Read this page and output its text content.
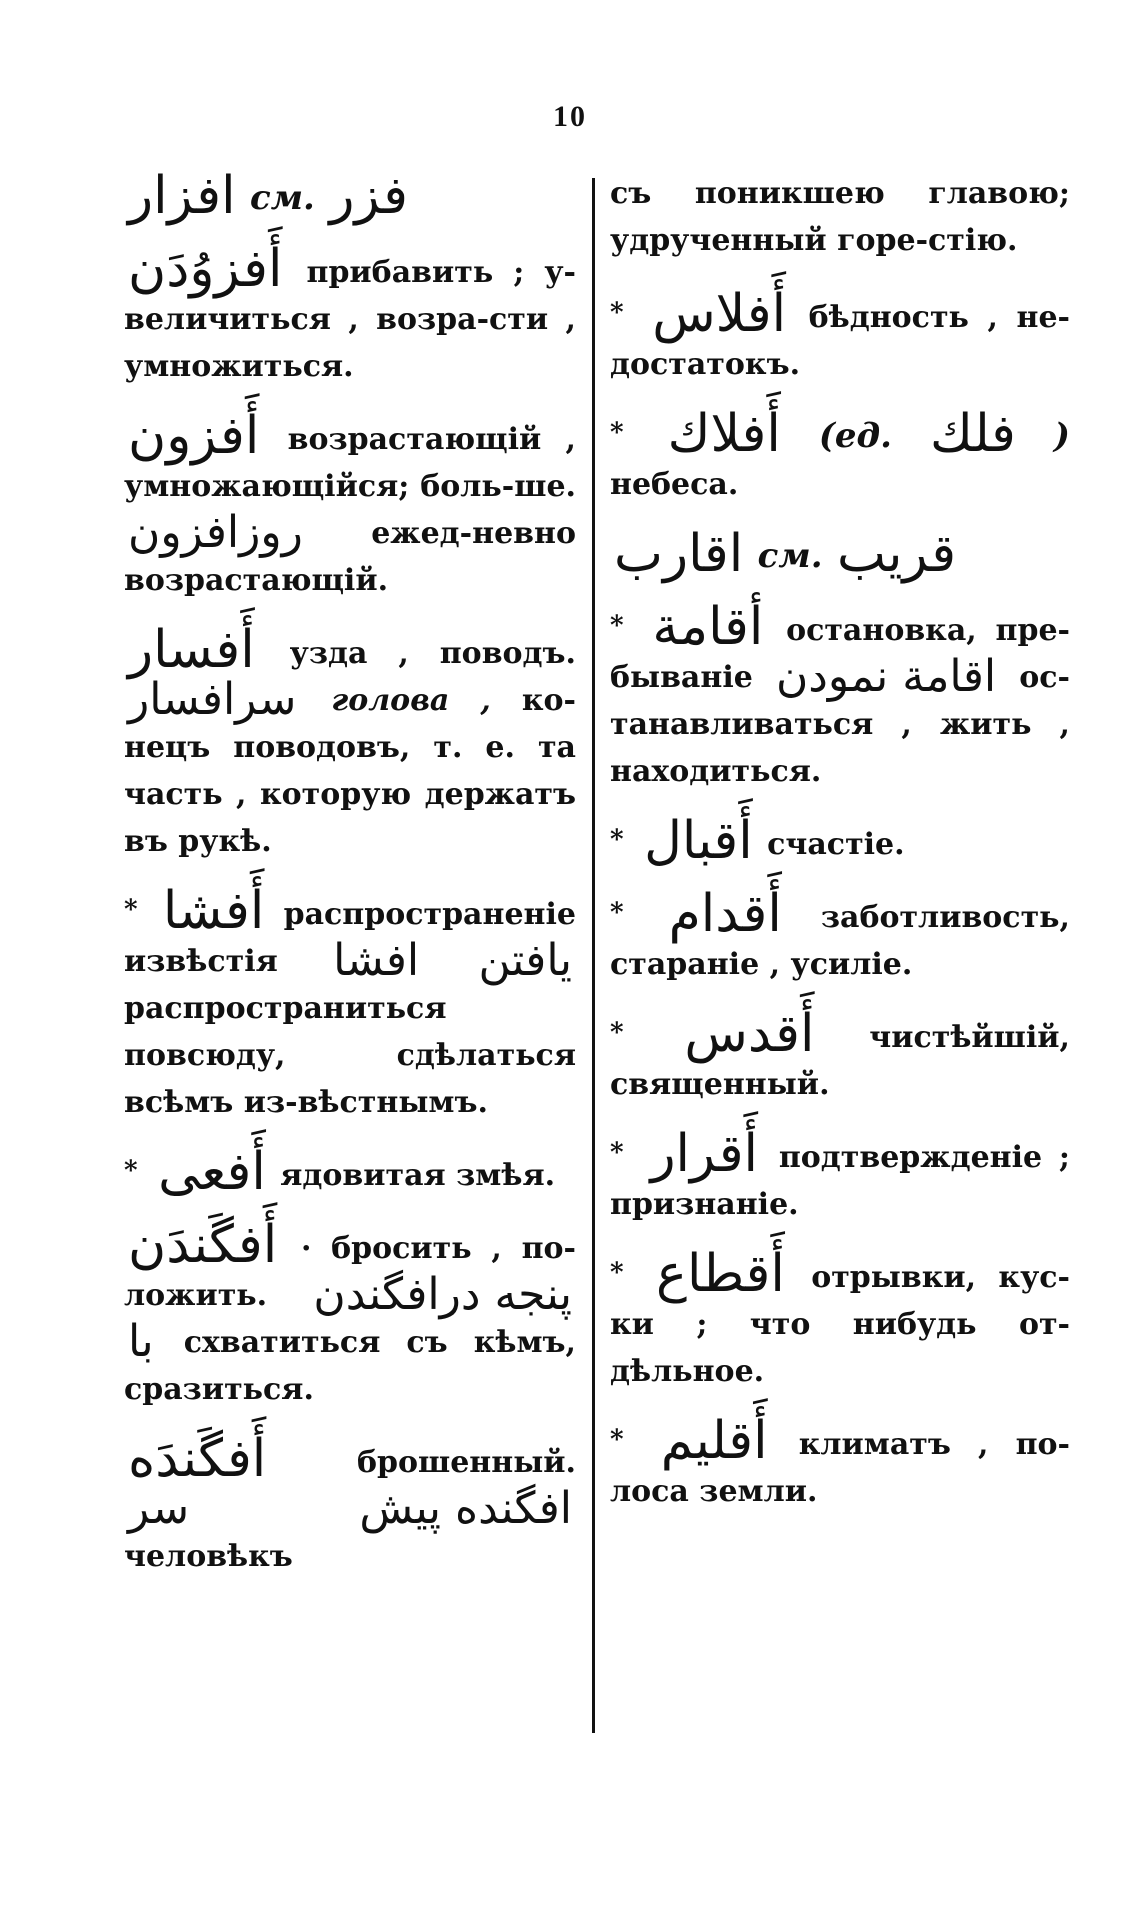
10
افزار см. فزر
أَفزوُدَن прибавить ; у-величиться , возра-сти , умножиться.
أَفزون возрастающій , умножающійся; боль-ше. روزافزون ежед-невно возрастающій.
أَفسار узда , поводъ. سرافسار голова , ко-нецъ поводовъ, т. е. та часть , которую держатъ въ рукѣ.
* أَفشا распространеніе извѣстія افشا يافتن распространиться повсюду, сдѣлаться всѣмъ из-вѣстнымъ.
* أَفعى ядовитая змѣя.
أَفگَندَن · бросить , по-ложить. پنجه درافگندن با схватиться съ кѣмъ, сразиться.
أَفگَندَه	брошенный. سر	افگنده پیش человѣкъ
съ поникшею главою; удрученный горе-стію.
* أَفلاس бѣдность , не-достатокъ.
* أَفلاك (ед. فلك ) небеса.
اقارب см. قريب
* أقامة остановка, пре-бываніе اقامة نمودن ос-танавливаться , жить , находиться.
* أَقبال счастіе.
* أَقدام заботливость, стараніе , усиліе.
* أَقدس чистѣйшій, священный.
* أَقرار подтвержденіе ; признаніе.
* أَقطاع отрывки, кус-ки ; что нибудь от-дѣльное.
* أَقليم климатъ , по-лоса земли.
